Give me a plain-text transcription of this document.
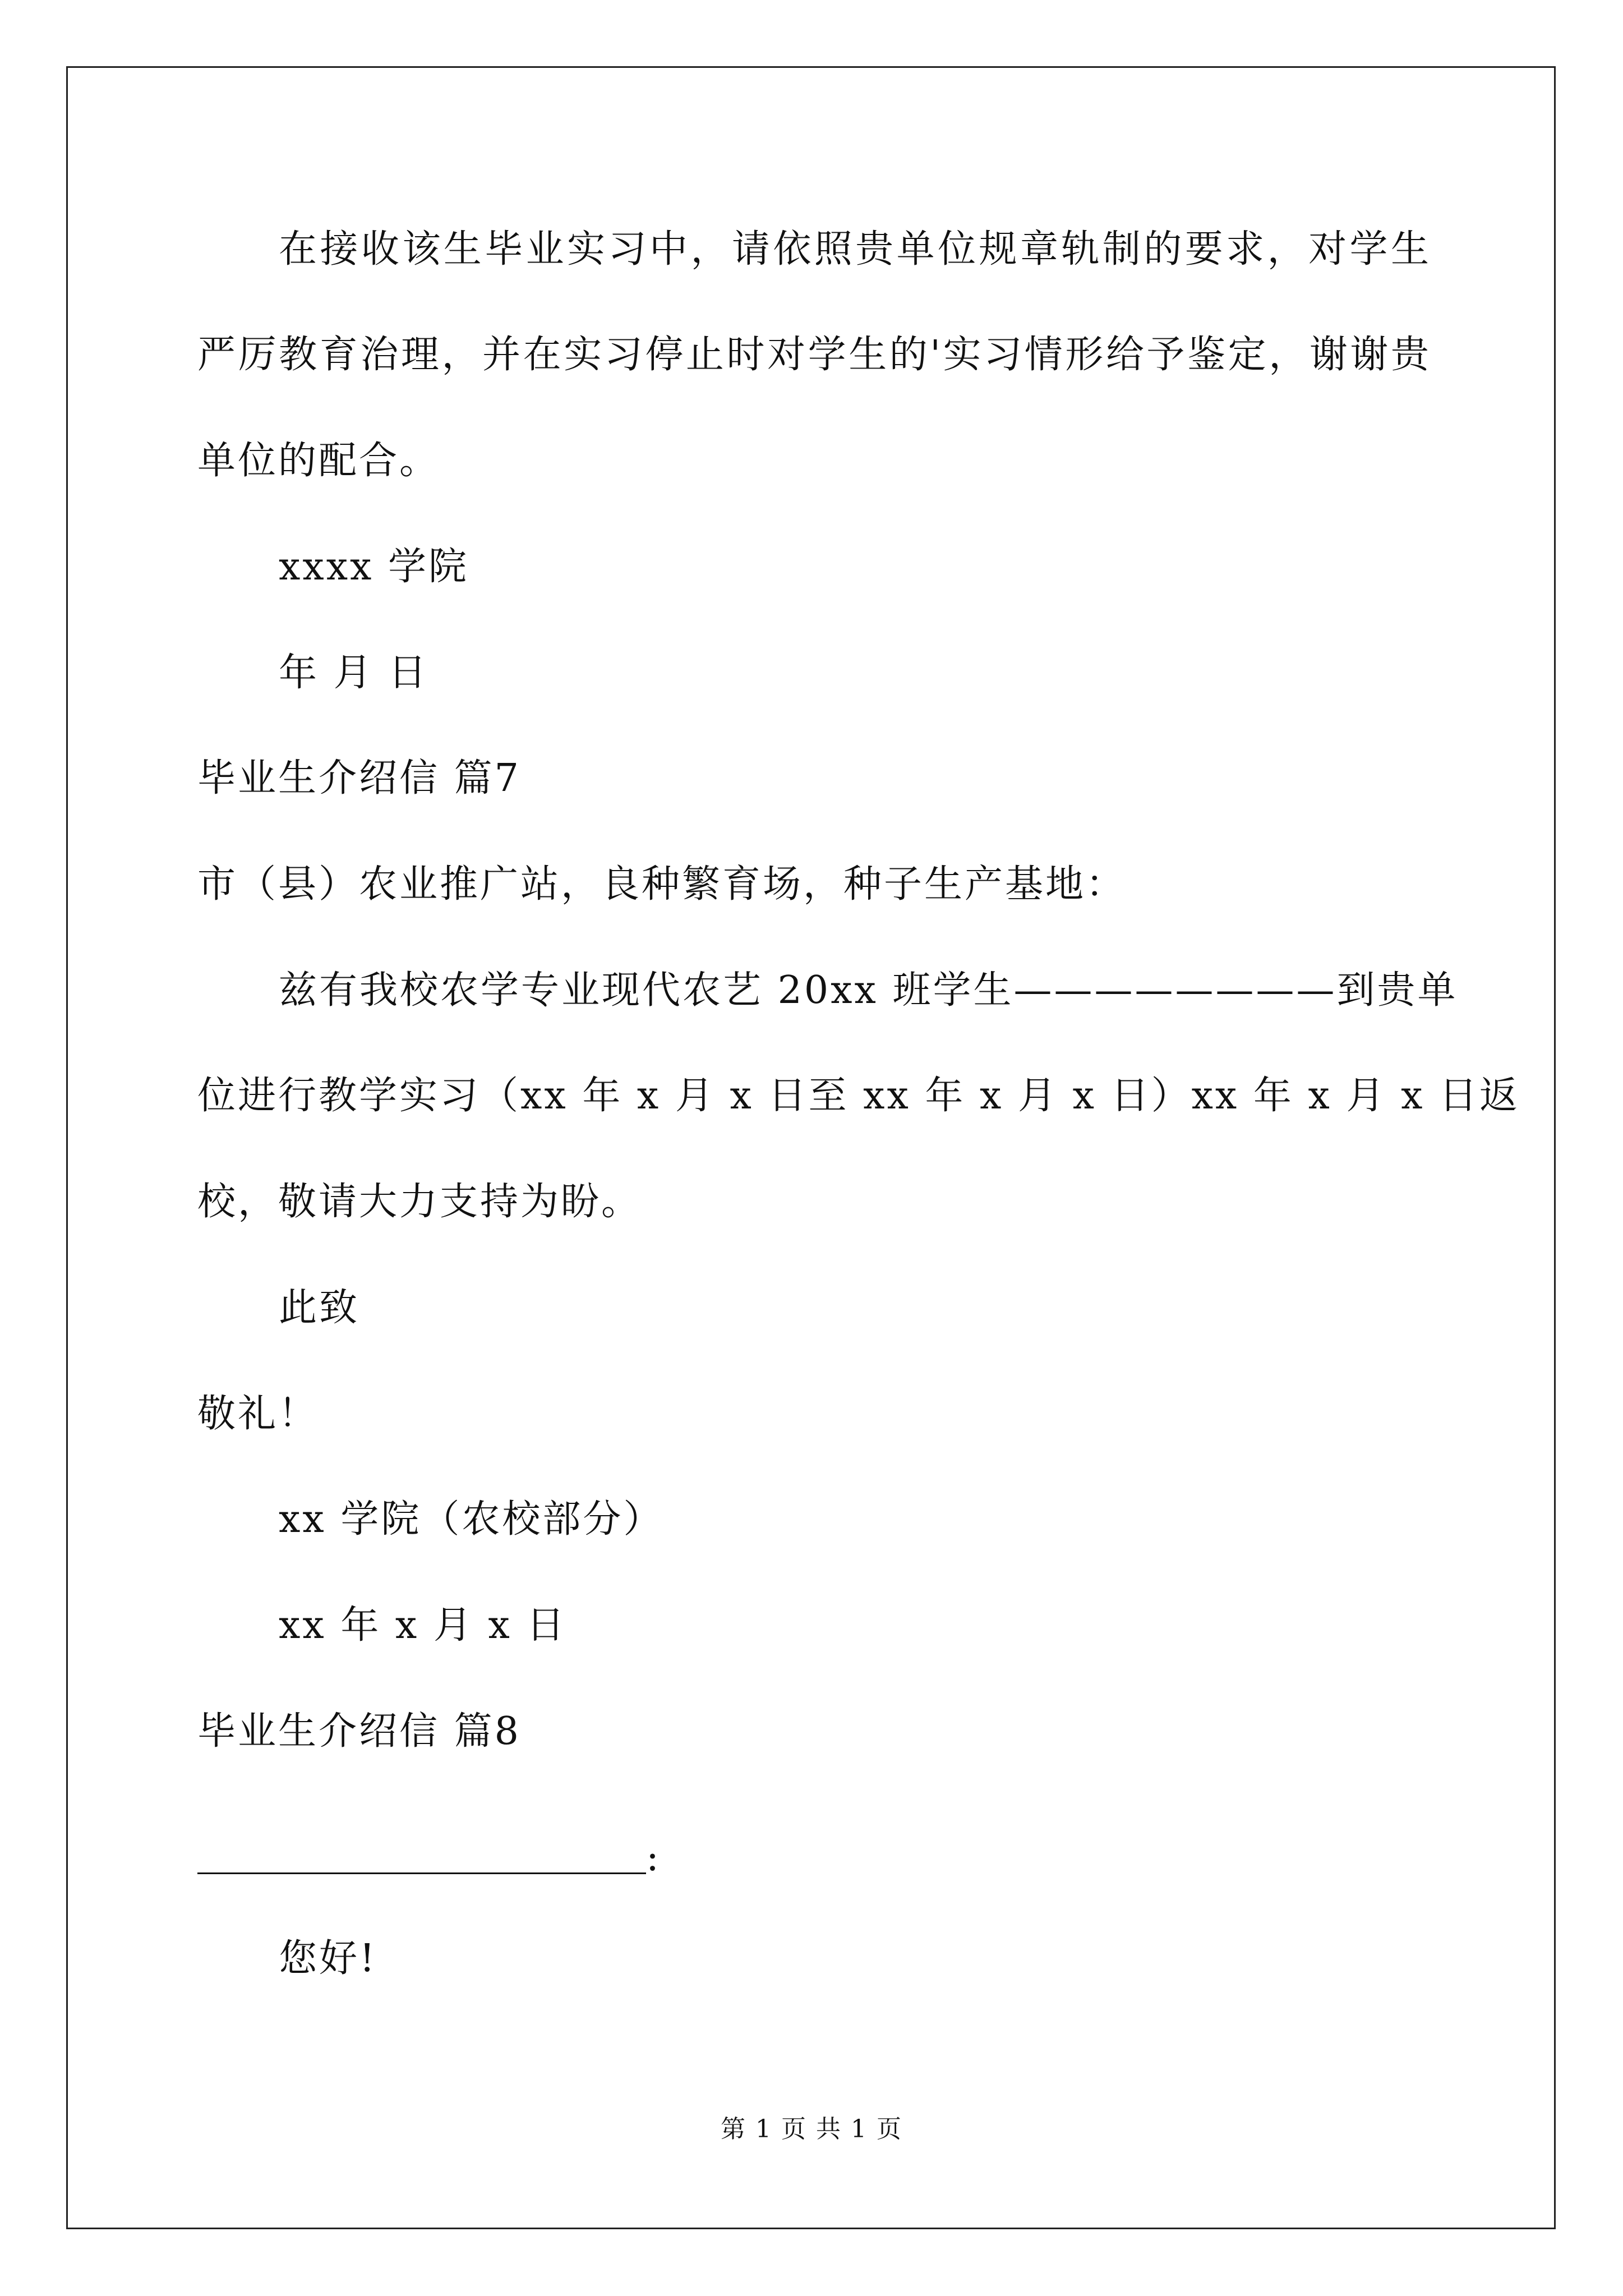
在接收该生毕业实习中，请依照贵单位规章轨制的要求，对学生
严厉教育治理，并在实习停止时对学生的'实习情形给予鉴定，谢谢贵
单位的配合。
xxxx 学院
年 月 日
毕业生介绍信 篇7
市（县）农业推广站，良种繁育场，种子生产基地：
兹有我校农学专业现代农艺 20xx 班学生————————到贵单
位进行教学实习（xx 年 x 月 x 日至 xx 年 x 月 x 日）xx 年 x 月 x 日返
校，敬请大力支持为盼。
此致
敬礼！
xx 学院（农校部分）
xx 年 x 月 x 日
毕业生介绍信 篇8
:
您好!
第 1 页 共 1 页
